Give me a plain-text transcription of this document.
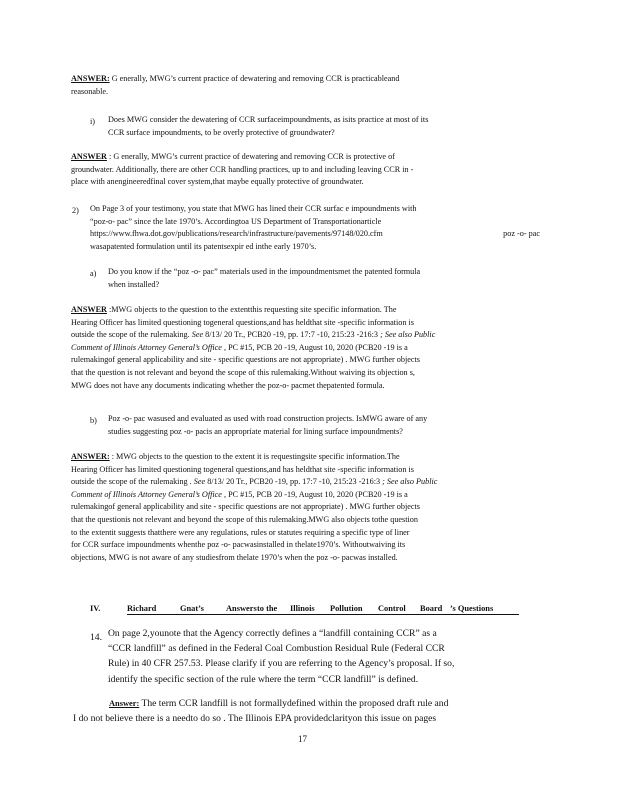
ANSWER: G enerally, MWG’s current practice of dewatering and removing CCR is practicableand
reasonable.
i) Does MWG consider the dewatering of CCR surfaceimpoundments, as isits practice at most of its
CCR surface impoundments, to be overly protective of groundwater?
ANSWER : G enerally, MWG’s current practice of dewatering and removing CCR is protective of
groundwater. Additionally, there are other CCR handling practices, up to and including leaving CCR in -
place with anengineeredfinal cover system,that maybe equally protective of groundwater.
2) On Page 3 of your testimony, you state that MWG has lined their CCR surfac e impoundments with
“poz-o- pac” since the late 1970’s. Accordingtoa US Department of Transportationarticle
https://www.fhwa.dot.gov/publications/research/infrastructure/pavements/97148/020.cfm	poz -o- pac
wasapatented formulation until its patentsexpir ed inthe early 1970’s.
a) Do you know if the “poz -o- pac” materials used in the impoundmentsmet the patented formula
when installed?
ANSWER :MWG objects to the question to the extentthis requesting site specific information. The
Hearing Officer has limited questioning togeneral questions,and has heldthat site -specific information is
outside the scope of the rulemaking. See 8/13/ 20 Tr., PCB20 -19, pp. 17:7 -10, 215:23 -216:3 ; See also Public
Comment of Illinois Attorney General’s Office , PC #15, PCB 20 -19, August 10, 2020 (PCB20 -19 is a
rulemakingof general applicability and site - specific questions are not appropriate) . MWG further objects
that the question is not relevant and beyond the scope of this rulemaking.Without waiving its objection s,
MWG does not have any documents indicating whether the poz-o- pacmet thepatented formula.
b) Poz -o- pac wasused and evaluated as used with road construction projects. IsMWG aware of any
studies suggesting poz -o- pacis an appropriate material for lining surface impoundments?
ANSWER: : MWG objects to the question to the extent it is requestingsite specific information.The
Hearing Officer has limited questioning togeneral questions,and has heldthat site -specific information is
outside the scope of the rulemaking . See 8/13/ 20 Tr., PCB20 -19, pp. 17:7 -10, 215:23 -216:3 ; See also Public
Comment of Illinois Attorney General’s Office , PC #15, PCB 20 -19, August 10, 2020 (PCB20 -19 is a
rulemakingof general applicability and site - specific questions are not appropriate) . MWG further objects
that the questionis not relevant and beyond the scope of this rulemaking.MWG also objects tothe question
to the extentit suggests thatthere were any regulations, rules or statutes requiring a specific type of liner
for CCR surface impoundments whenthe poz -o- pacwasinstalled in thelate1970’s. Withoutwaiving its
objections, MWG is not aware of any studiesfrom thelate 1970’s when the poz -o- pacwas installed.
IV.	Richard	Gnat’s	Answers to the Illinois Pollution Control Board ’s Questions
14. On page 2,younote that the Agency correctly defines a “landfill containing CCR” as a
“CCR landfill” as defined in the Federal Coal Combustion Residual Rule (Federal CCR
Rule) in 40 CFR 257.53. Please clarify if you are referring to the Agency’s proposal. If so,
identify the specific section of the rule where the term “CCR landfill” is defined.
Answer: The term CCR landfill is not formallydefined within the proposed draft rule and
I do not believe there is a needto do so . The Illinois EPA providedclarityon this issue on pages
17
